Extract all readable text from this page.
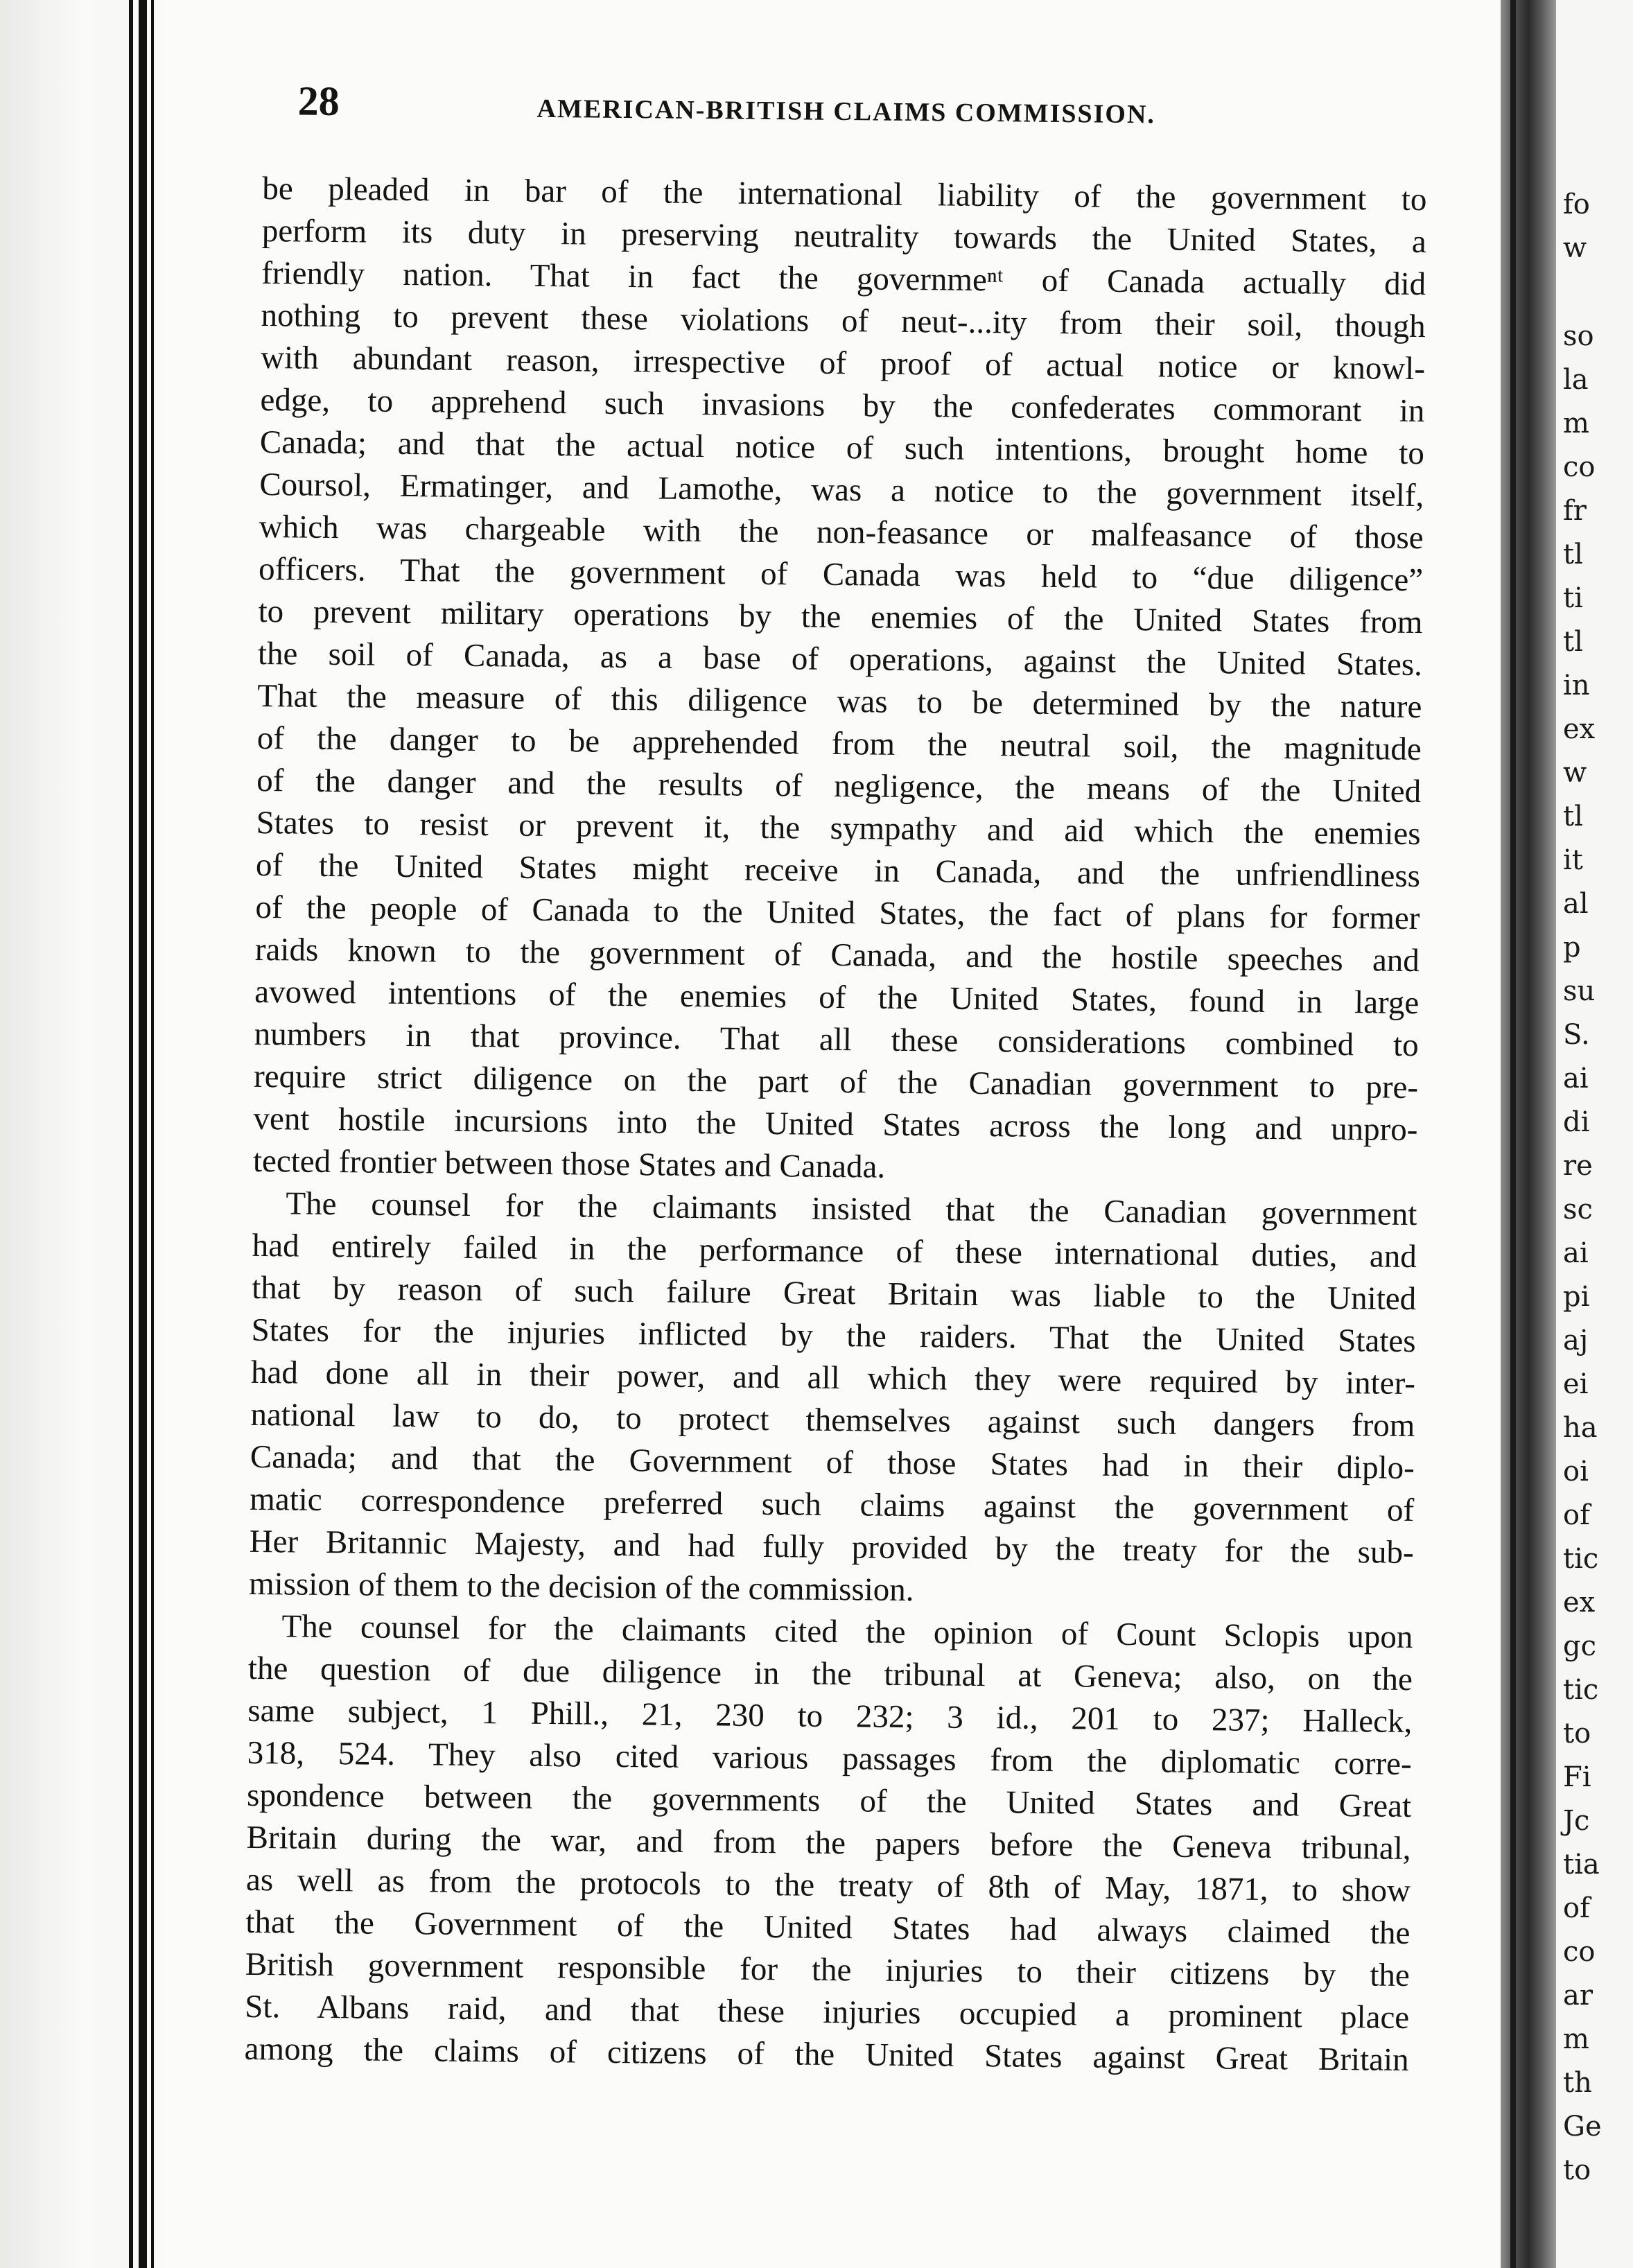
28	AMERICAN-BRITISH CLAIMS COMMISSION.

be pleaded in bar of the international liability of the government to

perform its duty in preserving neutrality towards the United States, a

friendly nation. That in fact the governmeⁿᵗ of Canada actually did

nothing to prevent these violations of neut-...ity from their soil, though

with abundant reason, irrespective of proof of actual notice or knowl-

edge, to apprehend such invasions by the confederates commorant in

Canada; and that the actual notice of such intentions, brought home to

Coursol, Ermatinger, and Lamothe, was a notice to the government itself,

which was chargeable with the non-feasance or malfeasance of those

officers. That the government of Canada was held to “due diligence”

to prevent military operations by the enemies of the United States from

the soil of Canada, as a base of operations, against the United States.

That the measure of this diligence was to be determined by the nature

of the danger to be apprehended from the neutral soil, the magnitude

of the danger and the results of negligence, the means of the United

States to resist or prevent it, the sympathy and aid which the enemies

of the United States might receive in Canada, and the unfriendliness

of the people of Canada to the United States, the fact of plans for former

raids known to the government of Canada, and the hostile speeches and

avowed intentions of the enemies of the United States, found in large

numbers in that province. That all these considerations combined to

require strict diligence on the part of the Canadian government to pre-

vent hostile incursions into the United States across the long and unpro-

tected frontier between those States and Canada.

The counsel for the claimants insisted that the Canadian government

had entirely failed in the performance of these international duties, and

that by reason of such failure Great Britain was liable to the United

States for the injuries inflicted by the raiders. That the United States

had done all in their power, and all which they were required by inter-

national law to do, to protect themselves against such dangers from

Canada; and that the Government of those States had in their diplo-

matic correspondence preferred such claims against the government of

Her Britannic Majesty, and had fully provided by the treaty for the sub-

mission of them to the decision of the commission.

The counsel for the claimants cited the opinion of Count Sclopis upon

the question of due diligence in the tribunal at Geneva; also, on the

same subject, 1 Phill., 21, 230 to 232; 3 id., 201 to 237; Halleck,

318, 524. They also cited various passages from the diplomatic corre-

spondence between the governments of the United States and Great

Britain during the war, and from the papers before the Geneva tribunal,

as well as from the protocols to the treaty of 8th of May, 1871, to show

that the Government of the United States had always claimed the

British government responsible for the injuries to their citizens by the

St. Albans raid, and that these injuries occupied a prominent place

among the claims of citizens of the United States against Great Britain

fo

w

so

la

m

co

fr

tl

ti

tl

in

ex

w

tl

it

al

p

su

S.

ai

di

re

sc

ai

pi

aj

ei

ha

oi

of

tic

ex

gc

tic

to

Fi

Jc

tia

of

co

ar

m

th

Ge

to
